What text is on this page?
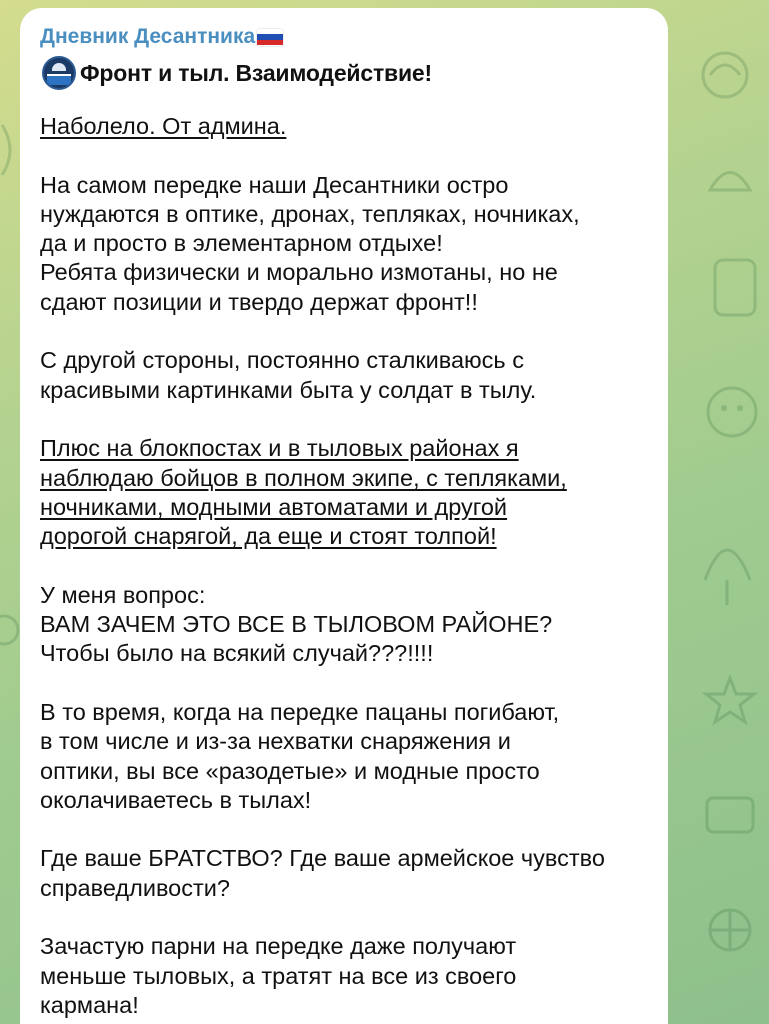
Дневник Десантника
Фронт и тыл. Взаимодействие!

Наболело. От админа.

На самом передке наши Десантники остро
нуждаются в оптике, дронах, тепляках, ночниках,
да и просто в элементарном отдыхе!
Ребята физически и морально измотаны, но не
сдают позиции и твердо держат фронт!!

С другой стороны, постоянно сталкиваюсь с
красивыми картинками быта у солдат в тылу.

Плюс на блокпостах и в тыловых районах я
наблюдаю бойцов в полном экипе, с тепляками,
ночниками, модными автоматами и другой
дорогой снарягой, да еще и стоят толпой!

У меня вопрос:
ВАМ ЗАЧЕМ ЭТО ВСЕ В ТЫЛОВОМ РАЙОНЕ?
Чтобы было на всякий случай???!!!!

В то время, когда на передке пацаны погибают,
в том числе и из-за нехватки снаряжения и
оптики, вы все «разодетые» и модные просто
околачиваетесь в тылах!

Где ваше БРАТСТВО? Где ваше армейское чувство
справедливости?

Зачастую парни на передке даже получают
меньше тыловых, а тратят на все из своего
кармана!
